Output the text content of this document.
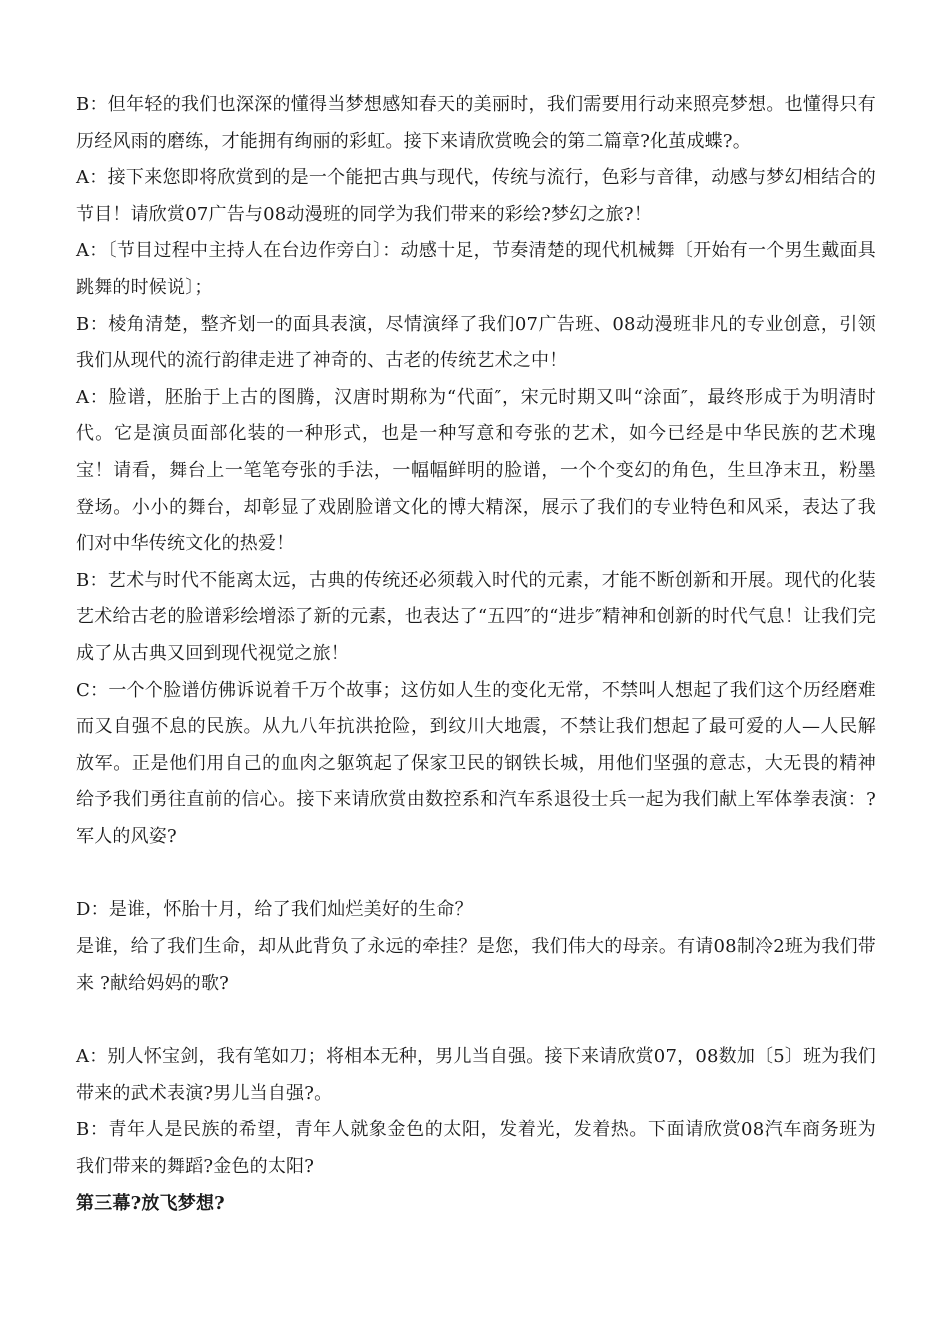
B：但年轻的我们也深深的懂得当梦想感知春天的美丽时，我们需要用行动来照亮梦想。也懂得只有历经风雨的磨练，才能拥有绚丽的彩虹。接下来请欣赏晚会的第二篇章?化茧成蝶?。

A：接下来您即将欣赏到的是一个能把古典与现代，传统与流行，色彩与音律，动感与梦幻相结合的节目！请欣赏07广告与08动漫班的同学为我们带来的彩绘?梦幻之旅?！

A：〔节目过程中主持人在台边作旁白〕：动感十足，节奏清楚的现代机械舞〔开始有一个男生戴面具跳舞的时候说〕；

B：棱角清楚，整齐划一的面具表演，尽情演绎了我们07广告班、08动漫班非凡的专业创意，引领我们从现代的流行韵律走进了神奇的、古老的传统艺术之中！

A：脸谱，胚胎于上古的图腾，汉唐时期称为“代面″，宋元时期又叫“涂面″，最终形成于为明清时代。它是演员面部化装的一种形式，也是一种写意和夸张的艺术，如今已经是中华民族的艺术瑰宝！请看，舞台上一笔笔夸张的手法，一幅幅鲜明的脸谱，一个个变幻的角色，生旦净末丑，粉墨登场。小小的舞台，却彰显了戏剧脸谱文化的博大精深，展示了我们的专业特色和风采，表达了我们对中华传统文化的热爱！

B：艺术与时代不能离太远，古典的传统还必须载入时代的元素，才能不断创新和开展。现代的化装艺术给古老的脸谱彩绘增添了新的元素，也表达了“五四″的“进步″精神和创新的时代气息！让我们完成了从古典又回到现代视觉之旅！

C：一个个脸谱仿佛诉说着千万个故事；这仿如人生的变化无常，不禁叫人想起了我们这个历经磨难而又自强不息的民族。从九八年抗洪抢险，到纹川大地震，不禁让我们想起了最可爱的人—人民解放军。正是他们用自己的血肉之躯筑起了保家卫民的钢铁长城，用他们坚强的意志，大无畏的精神给予我们勇往直前的信心。接下来请欣赏由数控系和汽车系退役士兵一起为我们献上军体拳表演：?军人的风姿?

D：是谁，怀胎十月，给了我们灿烂美好的生命？

是谁，给了我们生命，却从此背负了永远的牵挂？是您，我们伟大的母亲。有请08制冷2班为我们带来 ?献给妈妈的歌?

A：别人怀宝剑，我有笔如刀；将相本无种，男儿当自强。接下来请欣赏07，08数加〔5〕班为我们带来的武术表演?男儿当自强?。

B：青年人是民族的希望，青年人就象金色的太阳，发着光，发着热。下面请欣赏08汽车商务班为我们带来的舞蹈?金色的太阳?

第三幕?放飞梦想?
